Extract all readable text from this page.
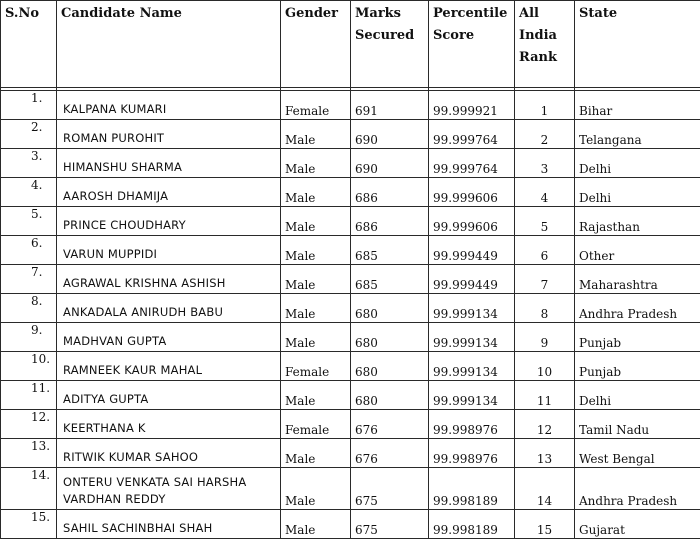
S.No	Candidate Name	Gender	Marks Secured	Percentile Score	All India Rank	State

1.	KALPANA KUMARI	Female	691	99.999921	1	Bihar
2.	ROMAN PUROHIT	Male	690	99.999764	2	Telangana
3.	HIMANSHU SHARMA	Male	690	99.999764	3	Delhi
4.	AAROSH DHAMIJA	Male	686	99.999606	4	Delhi
5.	PRINCE CHOUDHARY	Male	686	99.999606	5	Rajasthan
6.	VARUN MUPPIDI	Male	685	99.999449	6	Other
7.	AGRAWAL KRISHNA ASHISH	Male	685	99.999449	7	Maharashtra
8.	ANKADALA ANIRUDH BABU	Male	680	99.999134	8	Andhra Pradesh
9.	MADHVAN GUPTA	Male	680	99.999134	9	Punjab
10.	RAMNEEK KAUR MAHAL	Female	680	99.999134	10	Punjab
11.	ADITYA GUPTA	Male	680	99.999134	11	Delhi
12.	KEERTHANA K	Female	676	99.998976	12	Tamil Nadu
13.	RITWIK KUMAR SAHOO	Male	676	99.998976	13	West Bengal
14.	ONTERU VENKATA SAI HARSHA VARDHAN REDDY	Male	675	99.998189	14	Andhra Pradesh
15.	SAHIL SACHINBHAI SHAH	Male	675	99.998189	15	Gujarat
